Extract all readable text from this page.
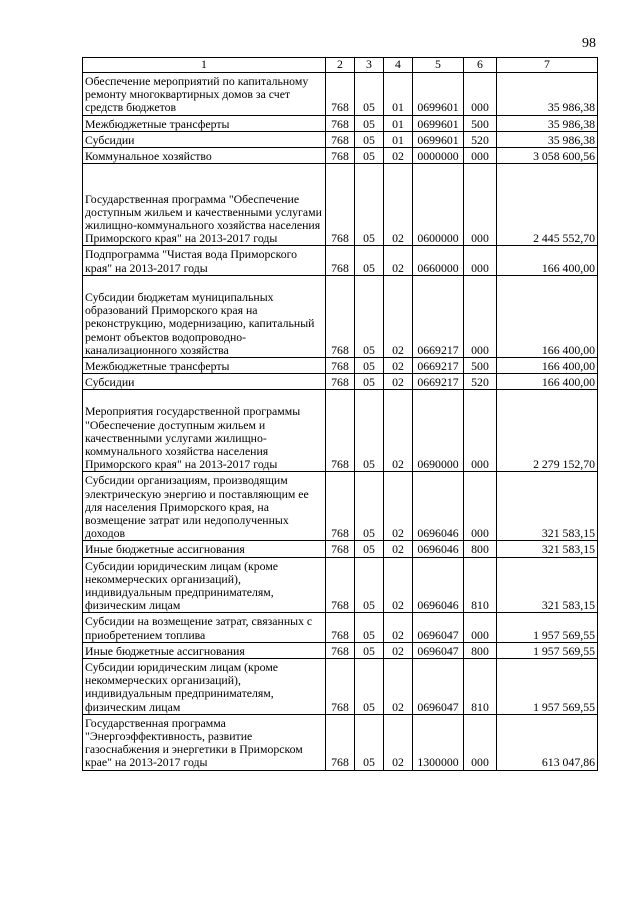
98
1	2	3	4	5	6	7
Обеспечение мероприятий по капитальному ремонту многоквартирных домов за счет средств бюджетов	768	05	01	0699601	000	35 986,38
Межбюджетные трансферты	768	05	01	0699601	500	35 986,38
Субсидии	768	05	01	0699601	520	35 986,38
Коммунальное хозяйство	768	05	02	0000000	000	3 058 600,56
Государственная программа "Обеспечение доступным жильем и качественными услугами жилищно-коммунального хозяйства населения Приморского края" на 2013-2017 годы	768	05	02	0600000	000	2 445 552,70
Подпрограмма "Чистая вода Приморского края" на 2013-2017 годы	768	05	02	0660000	000	166 400,00
Субсидии бюджетам муниципальных образований Приморского края на реконструкцию, модернизацию, капитальный ремонт объектов водопроводно-канализационного хозяйства	768	05	02	0669217	000	166 400,00
Межбюджетные трансферты	768	05	02	0669217	500	166 400,00
Субсидии	768	05	02	0669217	520	166 400,00
Мероприятия государственной программы "Обеспечение доступным жильем и качественными услугами жилищно-коммунального хозяйства населения Приморского края" на 2013-2017 годы	768	05	02	0690000	000	2 279 152,70
Субсидии организациям, производящим электрическую энергию и поставляющим ее для населения Приморского края, на возмещение затрат или недополученных доходов	768	05	02	0696046	000	321 583,15
Иные бюджетные ассигнования	768	05	02	0696046	800	321 583,15
Субсидии юридическим лицам (кроме некоммерческих организаций), индивидуальным предпринимателям, физическим лицам	768	05	02	0696046	810	321 583,15
Субсидии на возмещение затрат, связанных с приобретением топлива	768	05	02	0696047	000	1 957 569,55
Иные бюджетные ассигнования	768	05	02	0696047	800	1 957 569,55
Субсидии юридическим лицам (кроме некоммерческих организаций), индивидуальным предпринимателям, физическим лицам	768	05	02	0696047	810	1 957 569,55
Государственная программа "Энергоэффективность, развитие газоснабжения и энергетики в Приморском крае" на 2013-2017 годы	768	05	02	1300000	000	613 047,86
